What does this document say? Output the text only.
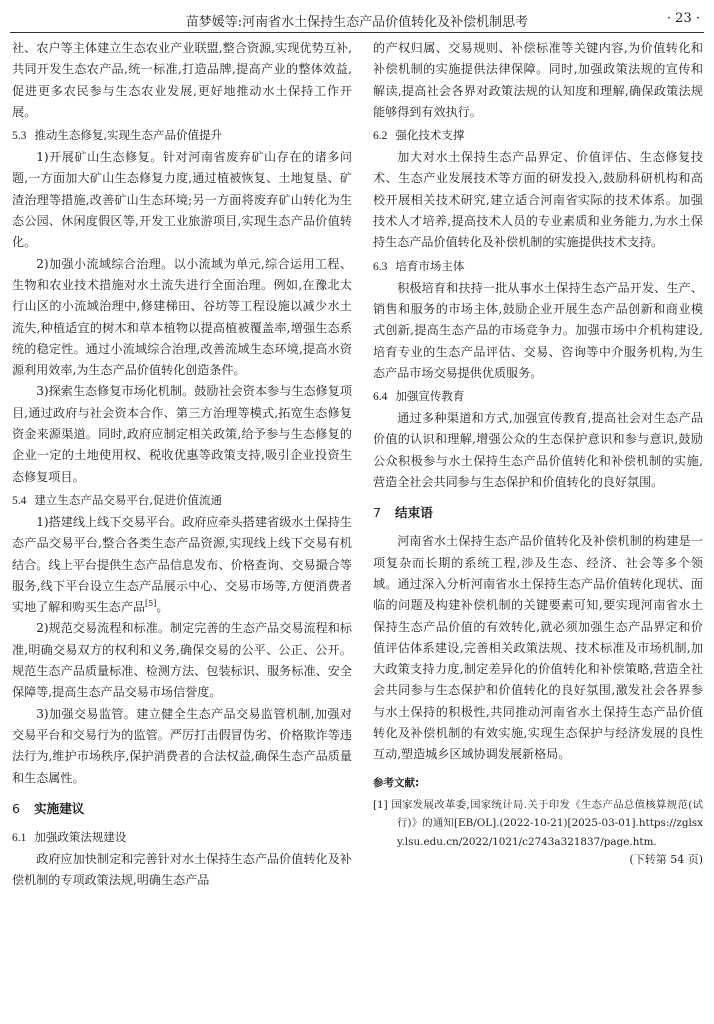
苗梦媛等:河南省水土保持生态产品价值转化及补偿机制思考	· 23 ·

社、农户等主体建立生态农业产业联盟,整合资源,实现优势互补,共同开发生态农产品,统一标准,打造品牌,提高产业的整体效益,促进更多农民参与生态农业发展,更好地推动水土保持工作开展。

5.3 推动生态修复,实现生态产品价值提升

1)开展矿山生态修复。针对河南省废弃矿山存在的诸多问题,一方面加大矿山生态修复力度,通过植被恢复、土地复垦、矿渣治理等措施,改善矿山生态环境;另一方面将废弃矿山转化为生态公园、休闲度假区等,开发工业旅游项目,实现生态产品价值转化。

2)加强小流域综合治理。以小流域为单元,综合运用工程、生物和农业技术措施对水土流失进行全面治理。例如,在豫北太行山区的小流域治理中,修建梯田、谷坊等工程设施以减少水土流失,种植适宜的树木和草本植物以提高植被覆盖率,增强生态系统的稳定性。通过小流域综合治理,改善流域生态环境,提高水资源利用效率,为生态产品价值转化创造条件。

3)探索生态修复市场化机制。鼓励社会资本参与生态修复项目,通过政府与社会资本合作、第三方治理等模式,拓宽生态修复资金来源渠道。同时,政府应制定相关政策,给予参与生态修复的企业一定的土地使用权、税收优惠等政策支持,吸引企业投资生态修复项目。

5.4 建立生态产品交易平台,促进价值流通

1)搭建线上线下交易平台。政府应牵头搭建省级水土保持生态产品交易平台,整合各类生态产品资源,实现线上线下交易有机结合。线上平台提供生态产品信息发布、价格查询、交易撮合等服务,线下平台设立生态产品展示中心、交易市场等,方便消费者实地了解和购买生态产品[5]。

2)规范交易流程和标准。制定完善的生态产品交易流程和标准,明确交易双方的权利和义务,确保交易的公平、公正、公开。规范生态产品质量标准、检测方法、包装标识、服务标准、安全保障等,提高生态产品交易市场信誉度。

3)加强交易监管。建立健全生态产品交易监管机制,加强对交易平台和交易行为的监管。严厉打击假冒伪劣、价格欺诈等违法行为,维护市场秩序,保护消费者的合法权益,确保生态产品质量和生态属性。

6 实施建议
6.1 加强政策法规建设

政府应加快制定和完善针对水土保持生态产品价值转化及补偿机制的专项政策法规,明确生态产品

的产权归属、交易规则、补偿标准等关键内容,为价值转化和补偿机制的实施提供法律保障。同时,加强政策法规的宣传和解读,提高社会各界对政策法规的认知度和理解,确保政策法规能够得到有效执行。

6.2 强化技术支撑

加大对水土保持生态产品界定、价值评估、生态修复技术、生态产业发展技术等方面的研发投入,鼓励科研机构和高校开展相关技术研究,建立适合河南省实际的技术体系。加强技术人才培养,提高技术人员的专业素质和业务能力,为水土保持生态产品价值转化及补偿机制的实施提供技术支持。

6.3 培育市场主体

积极培育和扶持一批从事水土保持生态产品开发、生产、销售和服务的市场主体,鼓励企业开展生态产品创新和商业模式创新,提高生态产品的市场竞争力。加强市场中介机构建设,培育专业的生态产品评估、交易、咨询等中介服务机构,为生态产品市场交易提供优质服务。

6.4 加强宣传教育

通过多种渠道和方式,加强宣传教育,提高社会对生态产品价值的认识和理解,增强公众的生态保护意识和参与意识,鼓励公众积极参与水土保持生态产品价值转化和补偿机制的实施,营造全社会共同参与生态保护和价值转化的良好氛围。

7 结束语

河南省水土保持生态产品价值转化及补偿机制的构建是一项复杂而长期的系统工程,涉及生态、经济、社会等多个领域。通过深入分析河南省水土保持生态产品价值转化现状、面临的问题及构建补偿机制的关键要素可知,要实现河南省水土保持生态产品价值的有效转化,就必须加强生态产品界定和价值评估体系建设,完善相关政策法规、技术标准及市场机制,加大政策支持力度,制定差异化的价值转化和补偿策略,营造全社会共同参与生态保护和价值转化的良好氛围,激发社会各界参与水土保持的积极性,共同推动河南省水土保持生态产品价值转化及补偿机制的有效实施,实现生态保护与经济发展的良性互动,塑造城乡区域协调发展新格局。

参考文献:
[1] 国家发展改革委,国家统计局.关于印发《生态产品总值核算规范(试行)》的通知[EB/OL].(2022-10-21)[2025-03-01].https://zglsxy.lsu.edu.cn/2022/1021/c2743a321837/page.htm.
(下转第 54 页)
